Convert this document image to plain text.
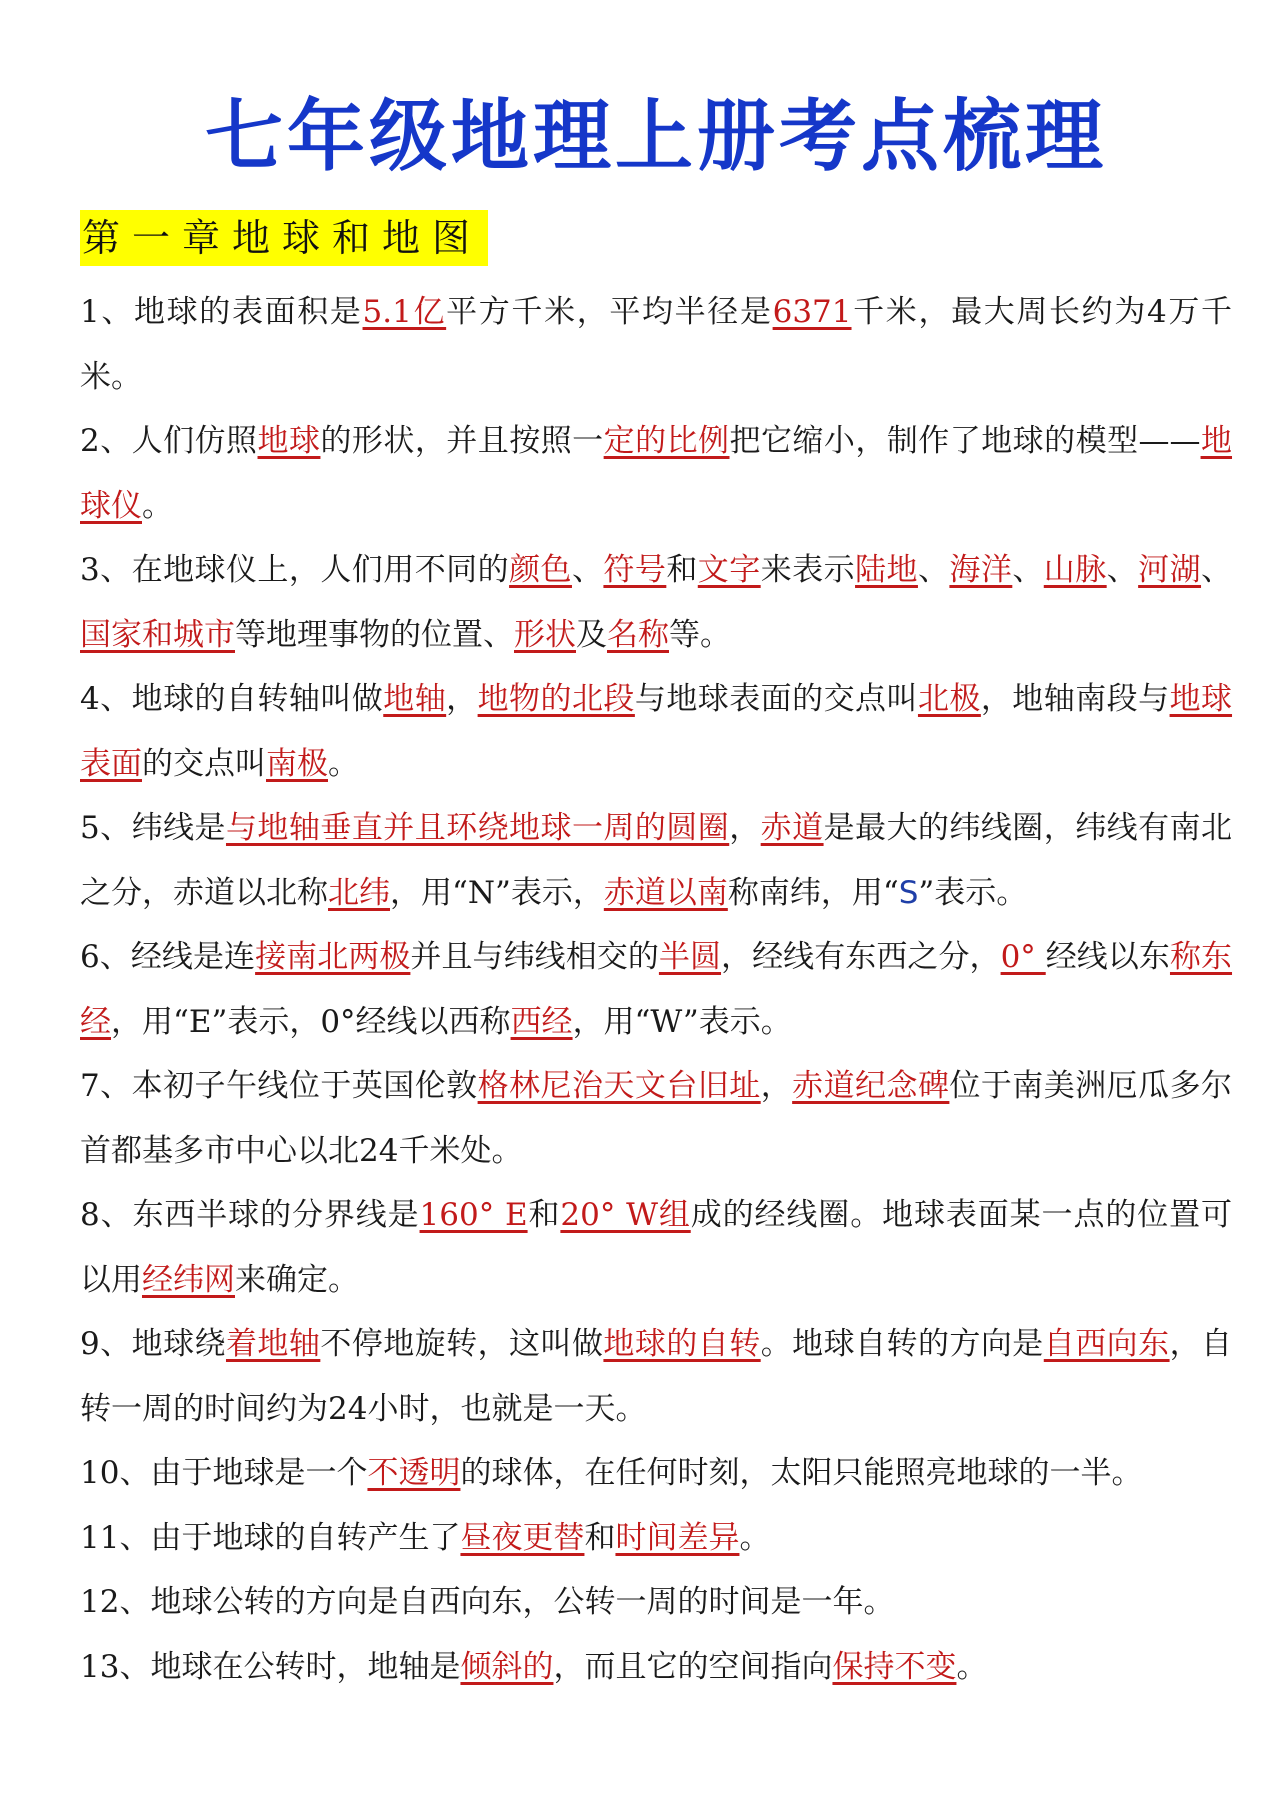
七年级地理上册考点梳理
第一章地球和地图
1、地球的表面积是5.1亿平方千米，平均半径是6371千米，最大周长约为4万千米。
2、人们仿照地球的形状，并且按照一定的比例把它缩小，制作了地球的模型——地球仪。
3、在地球仪上，人们用不同的颜色、符号和文字来表示陆地、海洋、山脉、河湖、国家和城市等地理事物的位置、形状及名称等。
4、地球的自转轴叫做地轴，地物的北段与地球表面的交点叫北极，地轴南段与地球表面的交点叫南极。
5、纬线是与地轴垂直并且环绕地球一周的圆圈，赤道是最大的纬线圈，纬线有南北之分，赤道以北称北纬，用“N”表示，赤道以南称南纬，用“S”表示。
6、经线是连接南北两极并且与纬线相交的半圆，经线有东西之分，0° 经线以东称东经，用“E”表示，0°经线以西称西经，用“W”表示。
7、本初子午线位于英国伦敦格林尼治天文台旧址，赤道纪念碑位于南美洲厄瓜多尔首都基多市中心以北24千米处。
8、东西半球的分界线是160° E和20° W组成的经线圈。地球表面某一点的位置可以用经纬网来确定。
9、地球绕着地轴不停地旋转，这叫做地球的自转。地球自转的方向是自西向东，自转一周的时间约为24小时，也就是一天。
10、由于地球是一个不透明的球体，在任何时刻，太阳只能照亮地球的一半。
11、由于地球的自转产生了昼夜更替和时间差异。
12、地球公转的方向是自西向东，公转一周的时间是一年。
13、地球在公转时，地轴是倾斜的，而且它的空间指向保持不变。
